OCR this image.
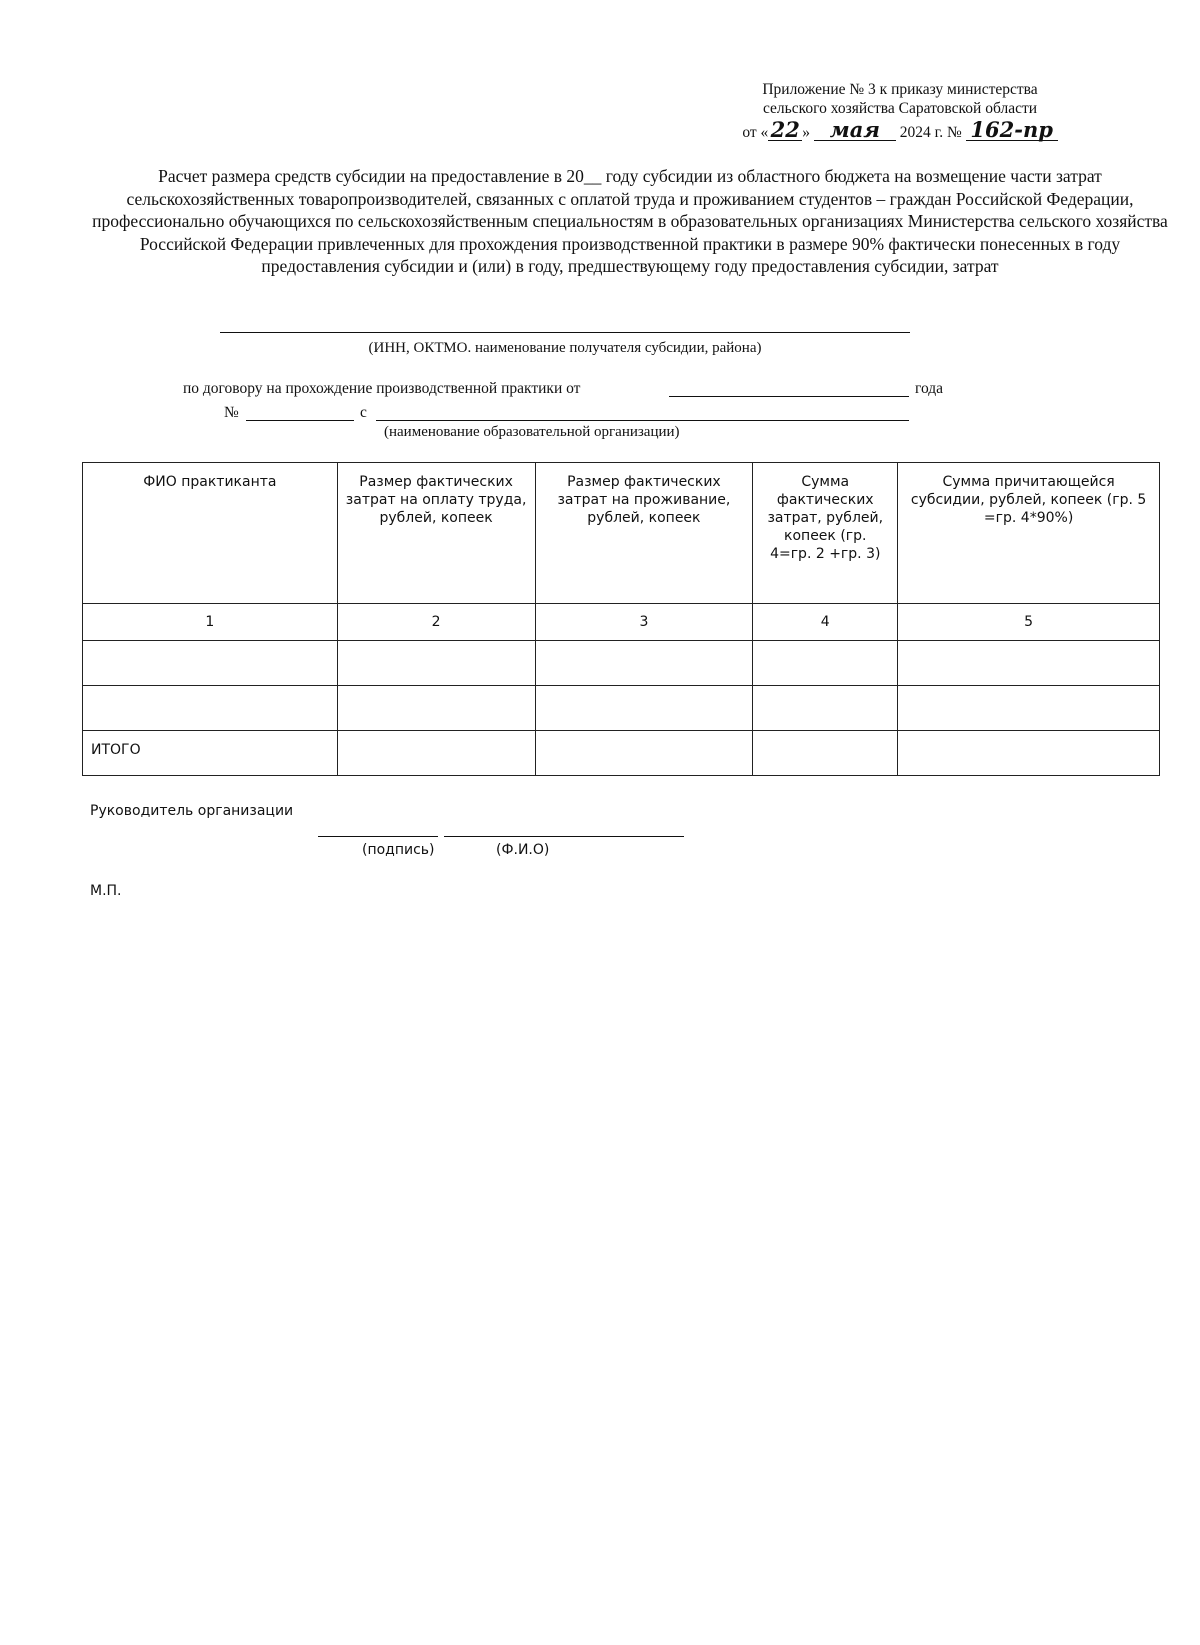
Приложение № 3 к приказу министерства
сельского хозяйства Саратовской области
от « 22 » мая 2024 г. № 162-пр
Расчет размера средств субсидии на предоставление в 20__ году субсидии из областного бюджета на возмещение части затрат сельскохозяйственных товаропроизводителей, связанных с оплатой труда и проживанием студентов – граждан Российской Федерации, профессионально обучающихся по сельскохозяйственным специальностям в образовательных организациях Министерства сельского хозяйства Российской Федерации привлеченных для прохождения производственной практики в размере 90% фактически понесенных в году предоставления субсидии и (или) в году, предшествующему году предоставления субсидии, затрат
(ИНН, ОКТМО. наименование получателя субсидии, района)
по договору на прохождение производственной практики от	года
№	с
(наименование образовательной организации)
ФИО практиканта	Размер фактических затрат на оплату труда, рублей, копеек	Размер фактических затрат на проживание, рублей, копеек	Сумма фактических затрат, рублей, копеек (гр. 4=гр. 2 +гр. 3)	Сумма причитающейся субсидии, рублей, копеек (гр. 5 =гр. 4*90%)
1	2	3	4	5

ИТОГО				
Руководитель организации
(подпись)	(Ф.И.О)
М.П.
